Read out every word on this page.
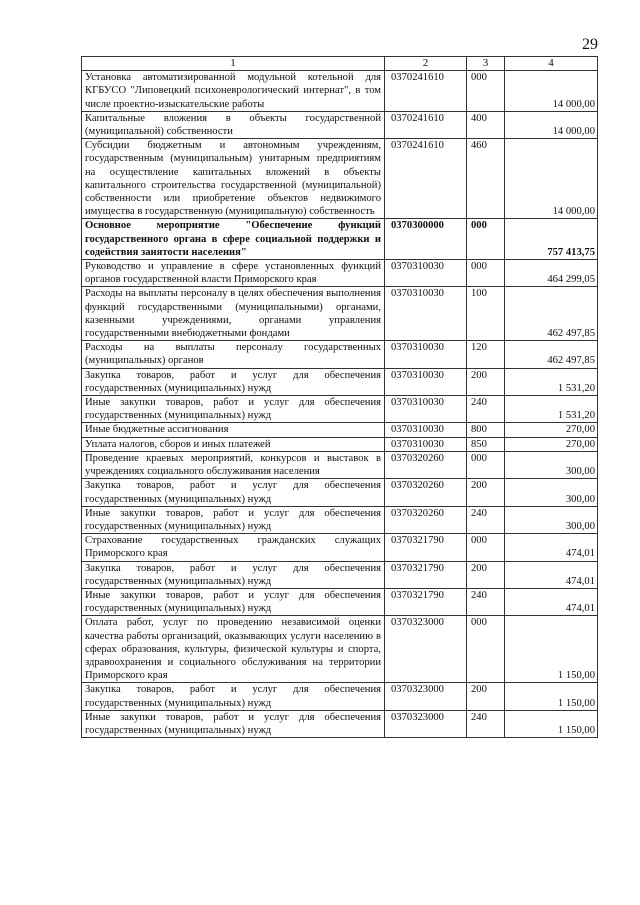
29
1	2	3	4
Установка автоматизированной модульной котельной для КГБУСО "Липовецкий психоневрологический интернат", в том числе проектно-изыскательские работы	0370241610	000	14 000,00
Капитальные вложения в объекты государственной (муниципальной) собственности	0370241610	400	14 000,00
Субсидии бюджетным и автономным учреждениям, государственным (муниципальным) унитарным предприятиям на осуществление капитальных вложений в объекты капитального строительства государственной (муниципальной) собственности или приобретение объектов недвижимого имущества в государственную (муниципальную) собственность	0370241610	460	14 000,00
Основное мероприятие "Обеспечение функций государственного органа в сфере социальной поддержки и содействия занятости населения"	0370300000	000	757 413,75
Руководство и управление в сфере установленных функций органов государственной власти Приморского края	0370310030	000	464 299,05
Расходы на выплаты персоналу в целях обеспечения выполнения функций государственными (муниципальными) органами, казенными учреждениями, органами управления государственными внебюджетными фондами	0370310030	100	462 497,85
Расходы на выплаты персоналу государственных (муниципальных) органов	0370310030	120	462 497,85
Закупка товаров, работ и услуг для обеспечения государственных (муниципальных) нужд	0370310030	200	1 531,20
Иные закупки товаров, работ и услуг для обеспечения государственных (муниципальных) нужд	0370310030	240	1 531,20
Иные бюджетные ассигнования	0370310030	800	270,00
Уплата налогов, сборов и иных платежей	0370310030	850	270,00
Проведение краевых мероприятий, конкурсов и выставок в учреждениях социального обслуживания населения	0370320260	000	300,00
Закупка товаров, работ и услуг для обеспечения государственных (муниципальных) нужд	0370320260	200	300,00
Иные закупки товаров, работ и услуг для обеспечения государственных (муниципальных) нужд	0370320260	240	300,00
Страхование государственных гражданских служащих Приморского края	0370321790	000	474,01
Закупка товаров, работ и услуг для обеспечения государственных (муниципальных) нужд	0370321790	200	474,01
Иные закупки товаров, работ и услуг для обеспечения государственных (муниципальных) нужд	0370321790	240	474,01
Оплата работ, услуг по проведению независимой оценки качества работы организаций, оказывающих услуги населению в сферах образования, культуры, физической культуры и спорта, здравоохранения и социального обслуживания на территории Приморского края	0370323000	000	1 150,00
Закупка товаров, работ и услуг для обеспечения государственных (муниципальных) нужд	0370323000	200	1 150,00
Иные закупки товаров, работ и услуг для обеспечения государственных (муниципальных) нужд	0370323000	240	1 150,00
